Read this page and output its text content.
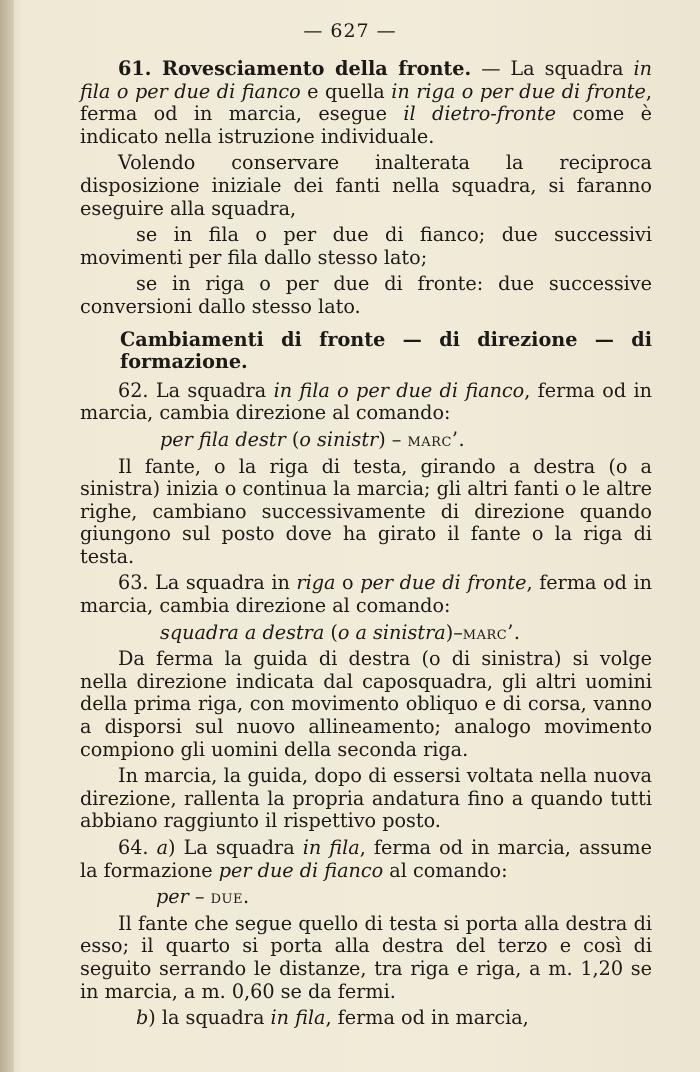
— 627 —

61. Rovesciamento della fronte. — La squadra in fila o per due di fianco e quella in riga o per due di fronte, ferma od in marcia, esegue il dietro-fronte come è indicato nella istruzione individuale.

Volendo conservare inalterata la reciproca disposizione iniziale dei fanti nella squadra, si faranno eseguire alla squadra,

se in fila o per due di fianco; due successivi movimenti per fila dallo stesso lato;

se in riga o per due di fronte: due successive conversioni dallo stesso lato.

Cambiamenti di fronte — di direzione — di formazione.

62. La squadra in fila o per due di fianco, ferma od in marcia, cambia direzione al comando:

per fila destr (o sinistr) – marc’.

Il fante, o la riga di testa, girando a destra (o a sinistra) inizia o continua la marcia; gli altri fanti o le altre righe, cambiano successivamente di direzione quando giungono sul posto dove ha girato il fante o la riga di testa.

63. La squadra in riga o per due di fronte, ferma od in marcia, cambia direzione al comando:

squadra a destra (o a sinistra)–marc’.

Da ferma la guida di destra (o di sinistra) si volge nella direzione indicata dal caposquadra, gli altri uomini della prima riga, con movimento obliquo e di corsa, vanno a disporsi sul nuovo allineamento; analogo movimento compiono gli uomini della seconda riga.

In marcia, la guida, dopo di essersi voltata nella nuova direzione, rallenta la propria andatura fino a quando tutti abbiano raggiunto il rispettivo posto.

64. a) La squadra in fila, ferma od in marcia, assume la formazione per due di fianco al comando:

per – due.

Il fante che segue quello di testa si porta alla destra di esso; il quarto si porta alla destra del terzo e così di seguito serrando le distanze, tra riga e riga, a m. 1,20 se in marcia, a m. 0,60 se da fermi.

b) la squadra in fila, ferma od in marcia,
